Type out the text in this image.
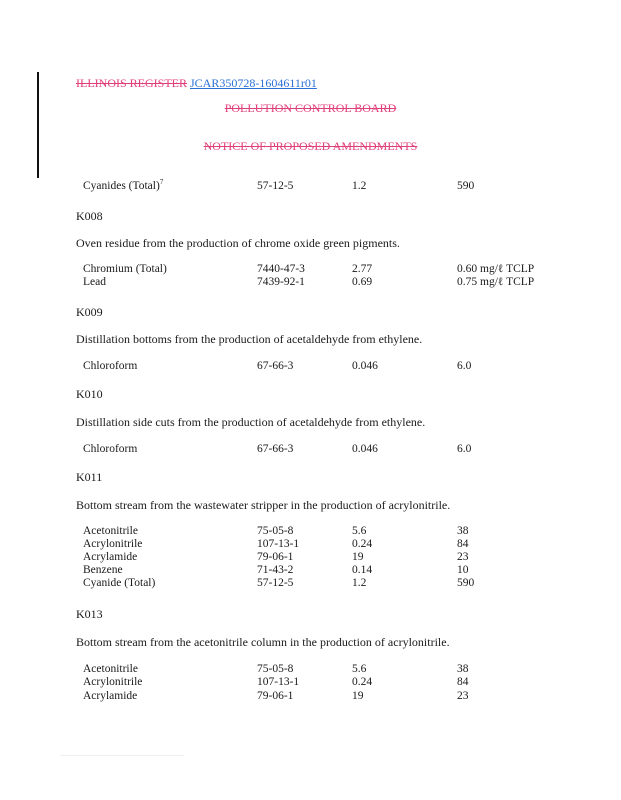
ILLINOIS REGISTER JCAR350728-1604611r01
POLLUTION CONTROL BOARD
NOTICE OF PROPOSED AMENDMENTS
Cyanides (Total)$^7$	57-12-5	1.2	590
K008
Oven residue from the production of chrome oxide green pigments.
Chromium (Total)	7440-47-3	2.77	0.60 mg/ℓ TCLP
Lead	7439-92-1	0.69	0.75 mg/ℓ TCLP
K009
Distillation bottoms from the production of acetaldehyde from ethylene.
Chloroform	67-66-3	0.046	6.0
K010
Distillation side cuts from the production of acetaldehyde from ethylene.
Chloroform	67-66-3	0.046	6.0
K011
Bottom stream from the wastewater stripper in the production of acrylonitrile.
Acetonitrile	75-05-8	5.6	38
Acrylonitrile	107-13-1	0.24	84
Acrylamide	79-06-1	19	23
Benzene	71-43-2	0.14	10
Cyanide (Total)	57-12-5	1.2	590
K013
Bottom stream from the acetonitrile column in the production of acrylonitrile.
Acetonitrile	75-05-8	5.6	38
Acrylonitrile	107-13-1	0.24	84
Acrylamide	79-06-1	19	23
